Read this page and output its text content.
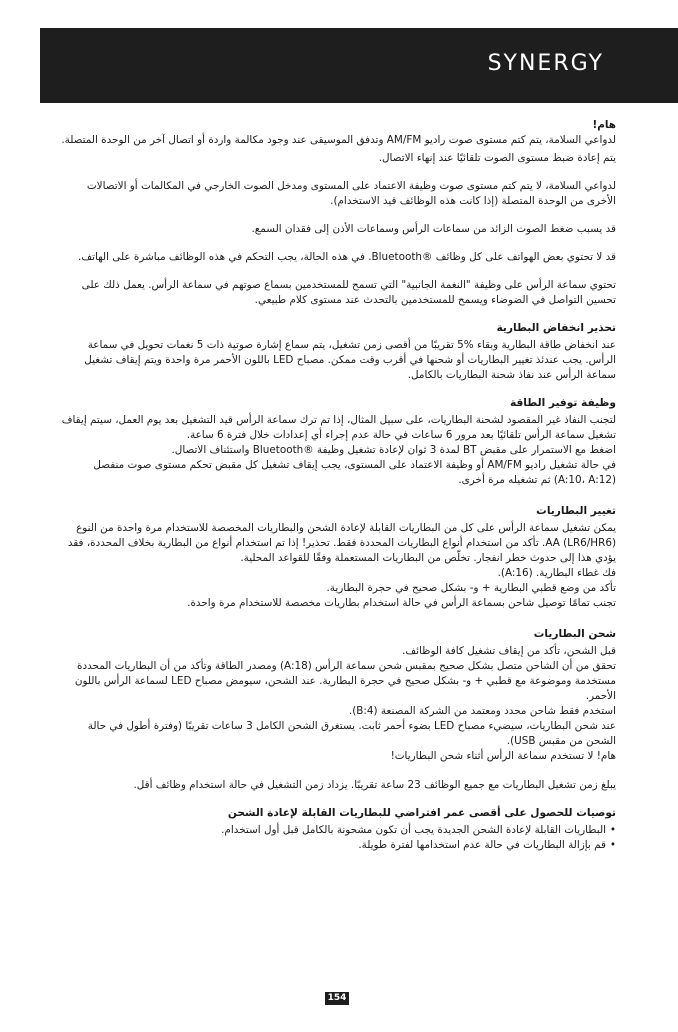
SYNERGY
هام!

لدواعي السلامة، يتم كتم مستوى صوت راديو AM/FM وتدفق الموسيقى عند وجود مكالمة واردة أو اتصال آخر من الوحدة المتصلة.

يتم إعادة ضبط مستوى الصوت تلقائيًا عند إنهاء الاتصال.

لدواعي السلامة، لا يتم كتم مستوى صوت وظيفة الاعتماد على المستوى ومدخل الصوت الخارجي في المكالمات أو الاتصالات الأخرى من الوحدة المتصلة (إذا كانت هذه الوظائف قيد الاستخدام).

قد يسبب ضغط الصوت الزائد من سماعات الرأس وسماعات الأذن إلى فقدان السمع.

قد لا تحتوي بعض الهواتف على كل وظائف ®Bluetooth. في هذه الحالة، يجب التحكم في هذه الوظائف مباشرة على الهاتف.

تحتوي سماعة الرأس على وظيفة "النغمة الجانبية" التي تسمح للمستخدمين بسماع صوتهم في سماعة الرأس. يعمل ذلك على تحسين التواصل في الضوضاء ويسمح للمستخدمين بالتحدث عند مستوى كلام طبيعي.

تحذير انخفاض البطارية

عند انخفاض طاقة البطارية وبقاء %5 تقريبًا من أقصى زمن تشغيل، يتم سماع إشارة صوتية ذات 5 نغمات تحويل في سماعة الرأس. يجب عندئذ تغيير البطاريات أو شحنها في أقرب وقت ممكن. مصباح LED باللون الأحمر مرة واحدة ويتم إيقاف تشغيل سماعة الرأس عند نفاذ شحنة البطاريات بالكامل.

وظيفة توفير الطاقة
لتجنب النفاذ غير المقصود لشحنة البطاريات، على سبيل المثال، إذا تم ترك سماعة الرأس قيد التشغيل بعد يوم العمل، سيتم إيقاف تشغيل سماعة الرأس تلقائيًا بعد مرور 6 ساعات في حالة عدم إجراء أي إعدادات خلال فترة 6 ساعة.
اضغط مع الاستمرار على مقبض BT لمدة 3 ثوان لإعادة تشغيل وظيفة ®Bluetooth واستئناف الاتصال.
في حالة تشغيل راديو AM/FM أو وظيفة الاعتماد على المستوى، يجب إيقاف تشغيل كل مقبض تحكم مستوى صوت منفصل (A:10، A:12) ثم تشغيله مرة أخرى.
تغيير البطاريات
يمكن تشغيل سماعة الرأس على كل من البطاريات القابلة لإعادة الشحن والبطاريات المخصصة للاستخدام مرة واحدة من النوع AA (LR6/HR6). تأكد من استخدام أنواع البطاريات المحددة فقط. تحذير! إذا تم استخدام أنواع من البطارية بخلاف المحددة، فقد يؤدي هذا إلى حدوث خطر انفجار. تخلّص من البطاريات المستعملة وفقًا للقواعد المحلية.
فك غطاء البطارية. (A:16).
تأكد من وضع قطبي البطارية + و- بشكل صحيح في حجرة البطارية.
تجنب تمامًا توصيل شاحن بسماعة الرأس في حالة استخدام بطاريات مخصصة للاستخدام مرة واحدة.
شحن البطاريات
قبل الشحن، تأكد من إيقاف تشغيل كافة الوظائف.
تحقق من أن الشاحن متصل بشكل صحيح بمقبس شحن سماعة الرأس (A:18) ومصدر الطاقة وتأكد من أن البطاريات المحددة مستخدمة وموضوعة مع قطبي + و- بشكل صحيح في حجرة البطارية. عند الشحن، سيومض مصباح LED لسماعة الرأس باللون الأحمر.
استخدم فقط شاحن محدد ومعتمد من الشركة المصنعة (B:4).
عند شحن البطاريات، سيضيء مصباح LED بضوء أحمر ثابت. يستغرق الشحن الكامل 3 ساعات تقريبًا (وفترة أطول في حالة الشحن من مقبس USB).
هام! لا تستخدم سماعة الرأس أثناء شحن البطاريات!

يبلغ زمن تشغيل البطاريات مع جميع الوظائف 23 ساعة تقريبًا. يزداد زمن التشغيل في حالة استخدام وظائف أقل.

توصيات للحصول على أقصى عمر افتراضي للبطاريات القابلة لإعادة الشحن
• البطاريات القابلة لإعادة الشحن الجديدة يجب أن تكون مشحونة بالكامل قبل أول استخدام.
• قم بإزالة البطاريات في حالة عدم استخدامها لفترة طويلة.
154
